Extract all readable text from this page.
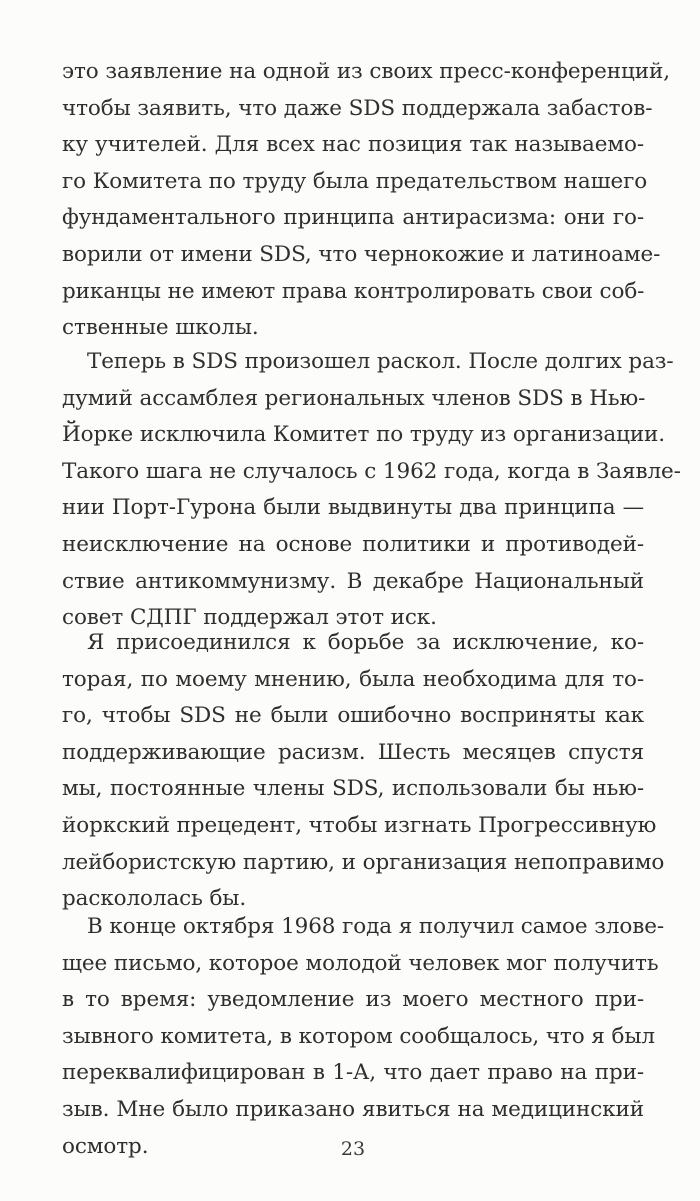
это заявление на одной из своих пресс-конференций,
чтобы заявить, что даже SDS поддержала забастов-
ку учителей. Для всех нас позиция так называемо-
го Комитета по труду была предательством нашего
фундаментального принципа антирасизма: они го-
ворили от имени SDS, что чернокожие и латиноаме-
риканцы не имеют права контролировать свои соб-
ственные школы.
Теперь в SDS произошел раскол. После долгих раз-
думий ассамблея региональных членов SDS в Нью-
Йорке исключила Комитет по труду из организации.
Такого шага не случалось с 1962 года, когда в Заявле-
нии Порт-Гурона были выдвинуты два принципа —
неисключение на основе политики и противодей-
ствие антикоммунизму. В декабре Национальный
совет СДПГ поддержал этот иск.
Я присоединился к борьбе за исключение, ко-
торая, по моему мнению, была необходима для то-
го, чтобы SDS не были ошибочно восприняты как
поддерживающие расизм. Шесть месяцев спустя
мы, постоянные члены SDS, использовали бы нью-
йоркский прецедент, чтобы изгнать Прогрессивную
лейбористскую партию, и организация непоправимо
раскололась бы.
В конце октября 1968 года я получил самое злове-
щее письмо, которое молодой человек мог получить
в то время: уведомление из моего местного при-
зывного комитета, в котором сообщалось, что я был
переквалифицирован в 1-А, что дает право на при-
зыв. Мне было приказано явиться на медицинский
осмотр.	23
